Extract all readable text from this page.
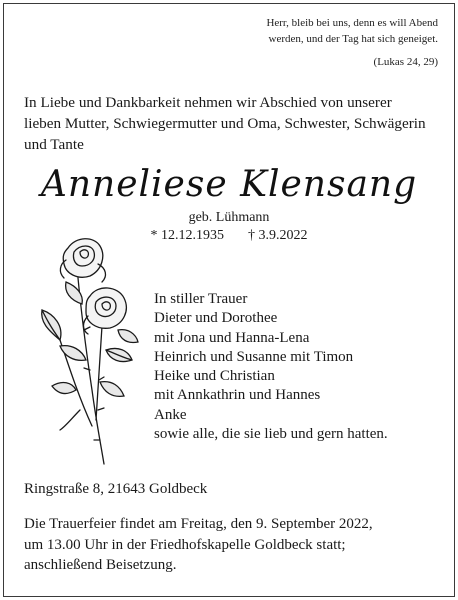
Herr, bleib bei uns, denn es will Abend
werden, und der Tag hat sich geneiget.
(Lukas 24, 29)
In Liebe und Dankbarkeit nehmen wir Abschied von unserer
lieben Mutter, Schwiegermutter und Oma, Schwester, Schwägerin
und Tante
Anneliese Klensang
geb. Lühmann
* 12.12.1935 † 3.9.2022
In stiller Trauer
Dieter und Dorothee
mit Jona und Hanna-Lena
Heinrich und Susanne mit Timon
Heike und Christian
mit Annkathrin und Hannes
Anke
sowie alle, die sie lieb und gern hatten.
Ringstraße 8, 21643 Goldbeck
Die Trauerfeier findet am Freitag, den 9. September 2022,
um 13.00 Uhr in der Friedhofskapelle Goldbeck statt;
anschließend Beisetzung.
